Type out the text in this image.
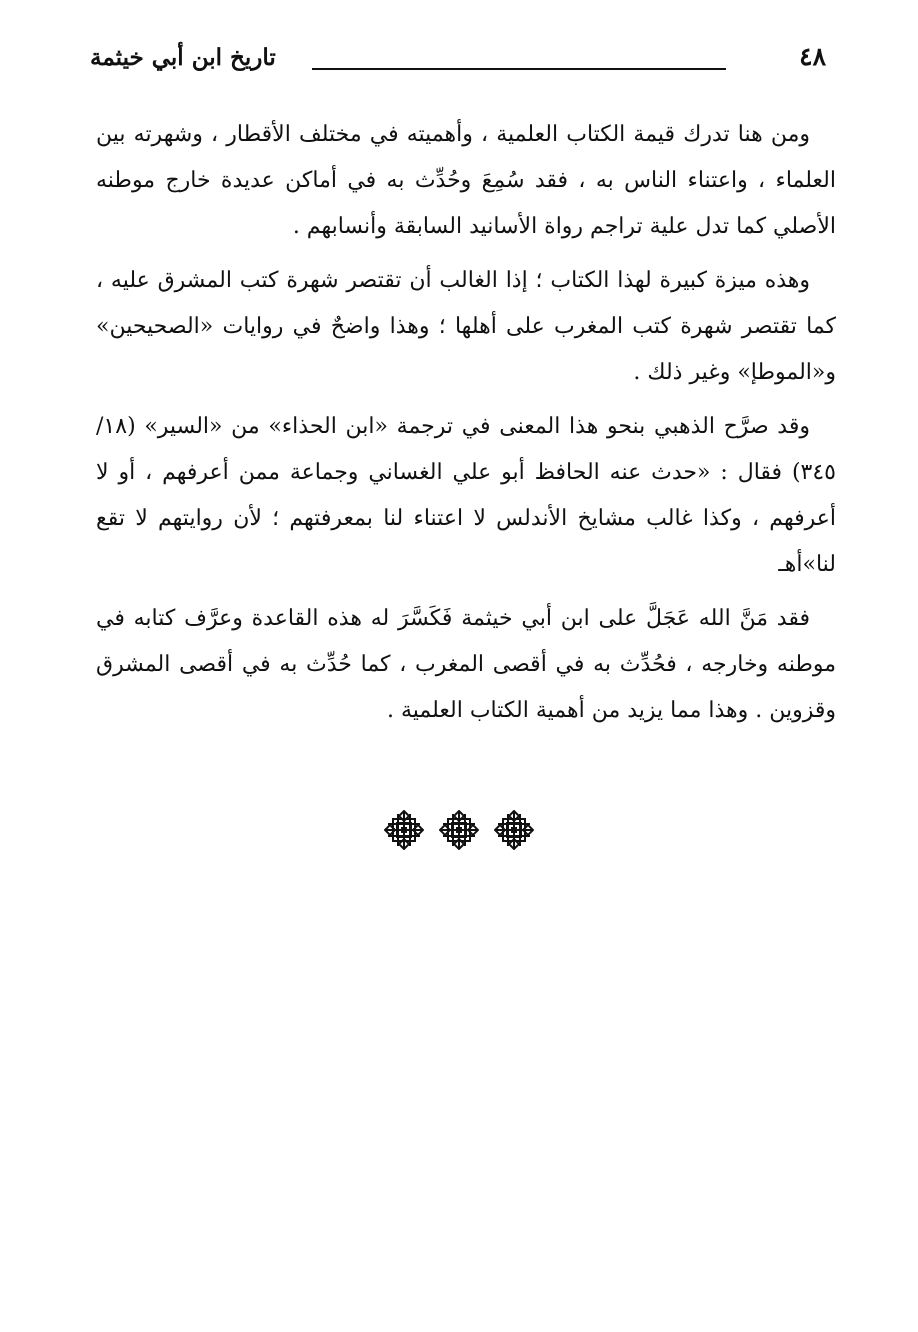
٤٨
تاريخ ابن أبي خيثمة

ومن هنا تدرك قيمة الكتاب العلمية ، وأهميته في مختلف الأقطار ، وشهرته بين العلماء ، واعتناء الناس به ، فقد سُمِعَ وحُدِّث به في أماكن عديدة خارج موطنه الأصلي كما تدل علية تراجم رواة الأسانيد السابقة وأنسابهم .

وهذه ميزة كبيرة لهذا الكتاب ؛ إذا الغالب أن تقتصر شهرة كتب المشرق عليه ، كما تقتصر شهرة كتب المغرب على أهلها ؛ وهذا واضحٌ في روايات «الصحيحين» و«الموطإ» وغير ذلك .

وقد صرَّح الذهبي بنحو هذا المعنى في ترجمة «ابن الحذاء» من «السير» (١٨/ ٣٤٥) فقال : «حدث عنه الحافظ أبو علي الغساني وجماعة ممن أعرفهم ، أو لا أعرفهم ، وكذا غالب مشايخ الأندلس لا اعتناء لنا بمعرفتهم ؛ لأن روايتهم لا تقع لنا»أهـ

فقد مَنَّ الله عَجَلَّ على ابن أبي خيثمة فَكَسَّرَ له هذه القاعدة وعرَّف كتابه في موطنه وخارجه ، فحُدِّث به في أقصى المغرب ، كما حُدِّث به في أقصى المشرق وقزوين . وهذا مما يزيد من أهمية الكتاب العلمية .
